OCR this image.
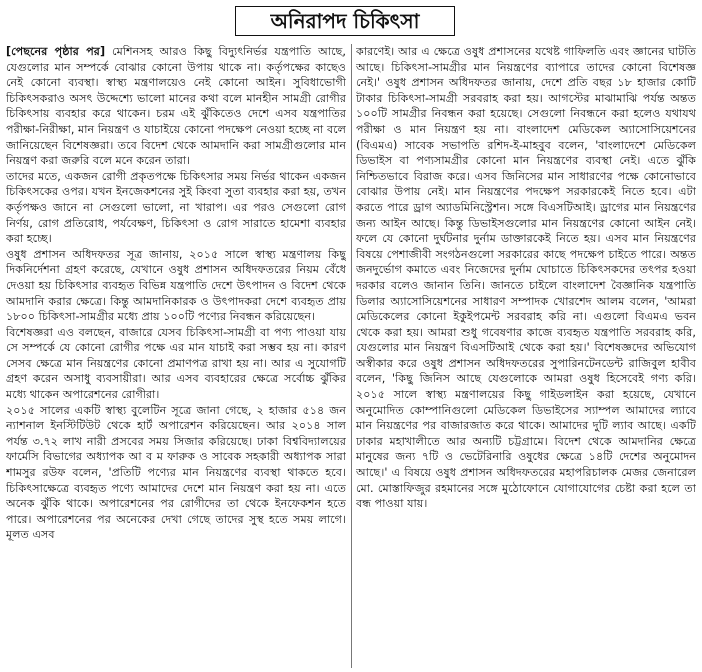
অনিরাপদ চিকিৎসা

[পেছনের পৃষ্ঠার পর] মেশিনসহ আরও কিছু বিদ্যুৎনির্ভর যন্ত্রপাতি আছে, যেগুলোর মান সম্পর্কে বোঝার কোনো উপায় থাকে না। কর্তৃপক্ষের কাছেও নেই কোনো ব্যবস্থা। স্বাস্থ্য মন্ত্রণালয়েও নেই কোনো আইন। সুবিধাভোগী চিকিৎসকরাও অসৎ উদ্দেশ্যে ভালো মানের কথা বলে মানহীন সামগ্রী রোগীর চিকিৎসায় ব্যবহার করে থাকেন। চরম এই ঝুঁকিতেও দেশে এসব যন্ত্রপাতির পরীক্ষা-নিরীক্ষা, মান নিয়ন্ত্রণ ও যাচাইয়ে কোনো পদক্ষেপ নেওয়া হচ্ছে না বলে জানিয়েছেন বিশেষজ্ঞরা। তবে বিদেশ থেকে আমদানি করা সামগ্রীগুলোর মান নিয়ন্ত্রণ করা জরুরি বলে মনে করেন তারা।

তাদের মতে, একজন রোগী প্রকৃতপক্ষে চিকিৎসার সময় নির্ভর থাকেন একজন চিকিৎসকের ওপর। যখন ইনজেকশনের সুই কিংবা সুতা ব্যবহার করা হয়, তখন কর্তৃপক্ষও জানে না সেগুলো ভালো, না খারাপ। এর পরও সেগুলো রোগ নির্ণয়, রোগ প্রতিরোধ, পর্যবেক্ষণ, চিকিৎসা ও রোগ সারাতে হামেশা ব্যবহার করা হচ্ছে।

ওষুধ প্রশাসন অধিদফতর সূত্র জানায়, ২০১৫ সালে স্বাস্থ্য মন্ত্রণালয় কিছু দিকনির্দেশনা গ্রহণ করেছে, যেখানে ওষুধ প্রশাসন অধিদফতরের নিয়ম বেঁধে দেওয়া হয় চিকিৎসার ব্যবহৃত বিভিন্ন যন্ত্রপাতি দেশে উৎপাদন ও বিদেশ থেকে আমদানি করার ক্ষেত্রে। কিন্তু আমদানিকারক ও উৎপাদকরা দেশে ব্যবহৃত প্রায় ১৮০০ চিকিৎসা-সামগ্রীর মধ্যে প্রায় ১০০টি পণ্যের নিবন্ধন করিয়েছেন।

বিশেষজ্ঞরা এও বলছেন, বাজারে যেসব চিকিৎসা-সামগ্রী বা পণ্য পাওয়া যায় সে সম্পর্কে যে কোনো রোগীর পক্ষে এর মান যাচাই করা সম্ভব হয় না। কারণ সেসব ক্ষেত্রে মান নিয়ন্ত্রণের কোনো প্রমাণপত্র রাখা হয় না। আর এ সুযোগটি গ্রহণ করেন অসাধু ব্যবসায়ীরা। আর এসব ব্যবহারের ক্ষেত্রে সর্বোচ্চ ঝুঁকির মধ্যে থাকেন অপারেশনের রোগীরা।

২০১৫ সালের একটি স্বাস্থ্য বুলেটিন সূত্রে জানা গেছে, ২ হাজার ৫১৪ জন ন্যাশনাল ইনস্টিটিউট থেকে হার্ট অপারেশন করিয়েছেন। আর ২০১৪ সাল পর্যন্ত ৩.৭২ লাখ নারী প্রসবের সময় সিজার করিয়েছে। ঢাকা বিশ্ববিদ্যালয়ের ফার্মেসি বিভাগের অধ্যাপক আ ব ম ফারুক ও সাবেক সহকারী অধ্যাপক সারা শামসুর রউফ বলেন, 'প্রতিটি পণ্যের মান নিয়ন্ত্রণের ব্যবস্থা থাকতে হবে। চিকিৎসাক্ষেত্রে ব্যবহৃত পণ্যে আমাদের দেশে মান নিয়ন্ত্রণ করা হয় না। এতে অনেক ঝুঁকি থাকে। অপারেশনের পর রোগীদের তা থেকে ইনফেকশন হতে পারে। অপারেশনের পর অনেকের দেখা গেছে তাদের সুস্থ হতে সময় লাগে। মূলত এসব

কারণেই। আর এ ক্ষেত্রে ওষুধ প্রশাসনের যথেষ্ট গাফিলতি এবং জ্ঞানের ঘাটতি আছে। চিকিৎসা-সামগ্রীর মান নিয়ন্ত্রণের ব্যাপারে তাদের কোনো বিশেষজ্ঞ নেই।' ওষুধ প্রশাসন অধিদফতর জানায়, দেশে প্রতি বছর ১৮ হাজার কোটি টাকার চিকিৎসা-সামগ্রী সরবরাহ করা হয়। আগস্টের মাঝামাঝি পর্যন্ত অন্তত ১০০টি সামগ্রীর নিবন্ধন করা হয়েছে। সেগুলো নিবন্ধনে করা হলেও যথাযথ পরীক্ষা ও মান নিয়ন্ত্রণ হয় না। বাংলাদেশ মেডিকেল অ্যাসোসিয়েশনের (বিএমএ) সাবেক সভাপতি রশিদ-ই-মাহবুব বলেন, 'বাংলাদেশে মেডিকেল ডিভাইস বা পণ্যসামগ্রীর কোনো মান নিয়ন্ত্রণের ব্যবস্থা নেই। এতে ঝুঁকি নিশ্চিতভাবে বিরাজ করে। এসব জিনিসের মান সাধারণের পক্ষে কোনোভাবে বোঝার উপায় নেই। মান নিয়ন্ত্রণের পদক্ষেপ সরকারকেই নিতে হবে। এটা করতে পারে ড্রাগ অ্যাডমিনিস্ট্রেশন। সঙ্গে বিএসটিআই। ড্রাগের মান নিয়ন্ত্রণের জন্য আইন আছে। কিন্তু ডিভাইসগুলোর মান নিয়ন্ত্রণের কোনো আইন নেই। ফলে যে কোনো দুর্ঘটনার দুর্নাম ডাক্তারকেই নিতে হয়। এসব মান নিয়ন্ত্রণের বিষয়ে পেশাজীবী সংগঠনগুলো সরকারের কাছে পদক্ষেপ চাইতে পারে। অন্তত জনদুর্ভোগ কমাতে এবং নিজেদের দুর্নাম ঘোচাতে চিকিৎসকদের তৎপর হওয়া দরকার বলেও জানান তিনি। জানতে চাইলে বাংলাদেশ বৈজ্ঞানিক যন্ত্রপাতি ডিলার অ্যাসোসিয়েশনের সাধারণ সম্পাদক খোরশেদ আলম বলেন, 'আমরা মেডিকেলের কোনো ইকুইপমেন্ট সরবরাহ করি না। এগুলো বিএমএ ভবন থেকে করা হয়। আমরা শুধু গবেষণার কাজে ব্যবহৃত যন্ত্রপাতি সরবরাহ করি, যেগুলোর মান নিয়ন্ত্রণ বিএসটিআই থেকে করা হয়।' বিশেষজ্ঞদের অভিযোগ অস্বীকার করে ওষুধ প্রশাসন অধিদফতরের সুপারিনটেনডেন্ট রাজিবুল হাবীব বলেন, 'কিছু জিনিস আছে যেগুলোকে আমরা ওষুধ হিসেবেই গণ্য করি। ২০১৫ সালে স্বাস্থ্য মন্ত্রণালয়ের কিছু গাইডলাইন করা হয়েছে, যেখানে অনুমোদিত কোম্পানিগুলো মেডিকেল ডিভাইসের স্যাম্পল আমাদের ল্যাবে মান নিয়ন্ত্রণের পর বাজারজাত করে থাকে। আমাদের দুটি ল্যাব আছে। একটি ঢাকার মহাখালীতে আর অন্যটি চট্টগ্রামে। বিদেশ থেকে আমদানির ক্ষেত্রে মানুষের জন্য ৭টি ও ভেটেরিনারি ওষুধের ক্ষেত্রে ১৪টি দেশের অনুমোদন আছে।' এ বিষয়ে ওষুধ প্রশাসন অধিদফতরের মহাপরিচালক মেজর জেনারেল মো. মোস্তাফিজুর রহমানের সঙ্গে মুঠোফোনে যোগাযোগের চেষ্টা করা হলে তা বন্ধ পাওয়া যায়।
